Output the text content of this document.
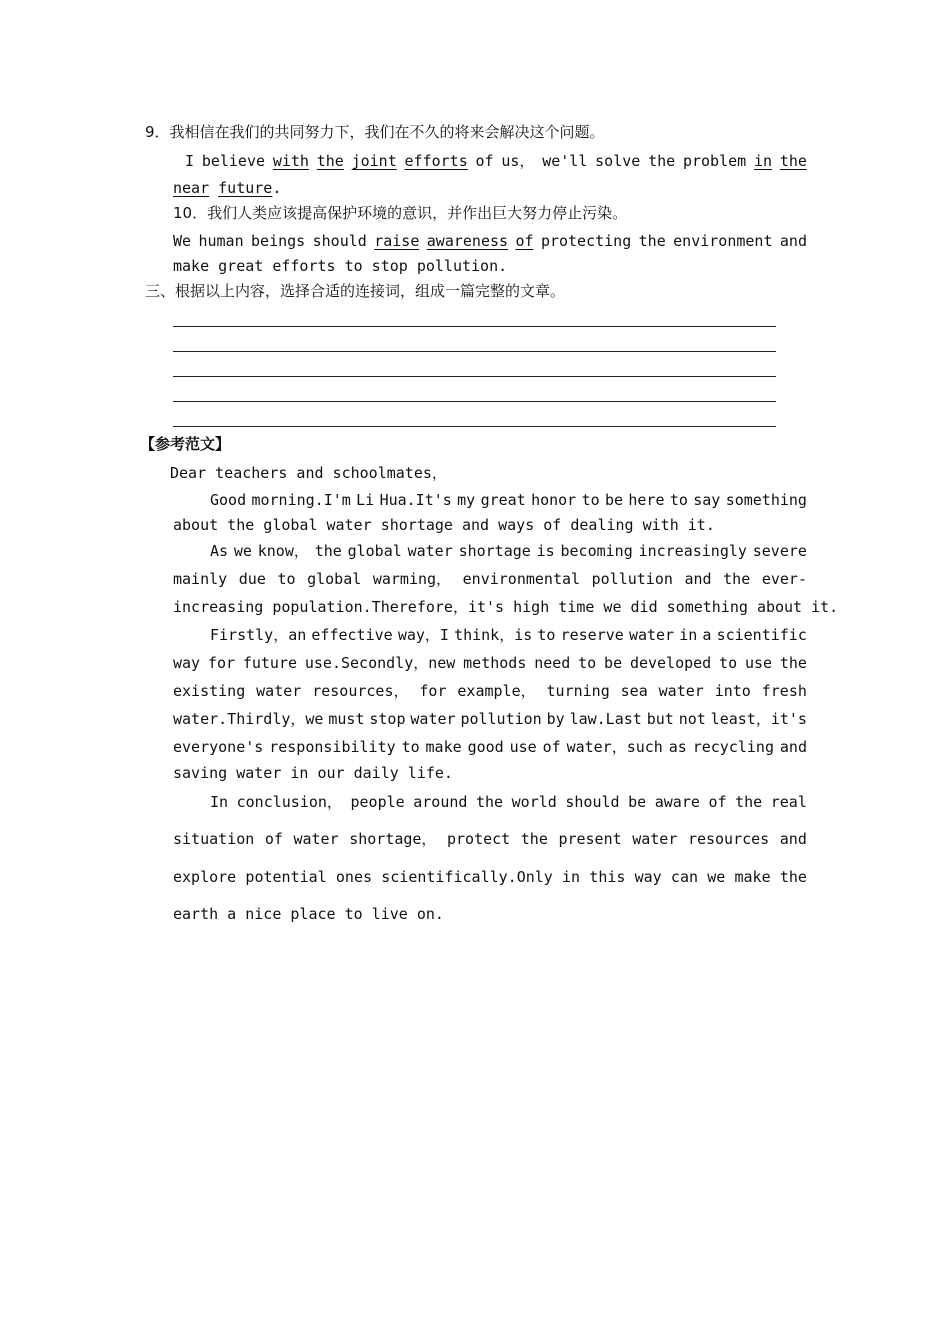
9．我相信在我们的共同努力下，我们在不久的将来会解决这个问题。
I believe with the joint efforts of us， we'll solve the problem in the
near future.
10．我们人类应该提高保护环境的意识，并作出巨大努力停止污染。
We human beings should raise awareness of protecting the environment and
make great efforts to stop pollution.
三、根据以上内容，选择合适的连接词，组成一篇完整的文章。
【参考范文】
Dear teachers and schoolmates，
Good morning.I'm Li Hua.It's my great honor to be here to say something
about the global water shortage and ways of dealing with it.
As we know， the global water shortage is becoming increasingly severe
mainly due to global warming， environmental pollution and the ever-
increasing population.Therefore，it's high time we did something about it.
Firstly，an effective way，I think，is to reserve water in a scientific
way for future use.Secondly，new methods need to be developed to use the
existing water resources， for example， turning sea water into fresh
water.Thirdly，we must stop water pollution by law.Last but not least，it's
everyone's responsibility to make good use of water，such as recycling and
saving water in our daily life.
In conclusion， people around the world should be aware of the real
situation of water shortage， protect the present water resources and
explore potential ones scientifically.Only in this way can we make the
earth a nice place to live on.
